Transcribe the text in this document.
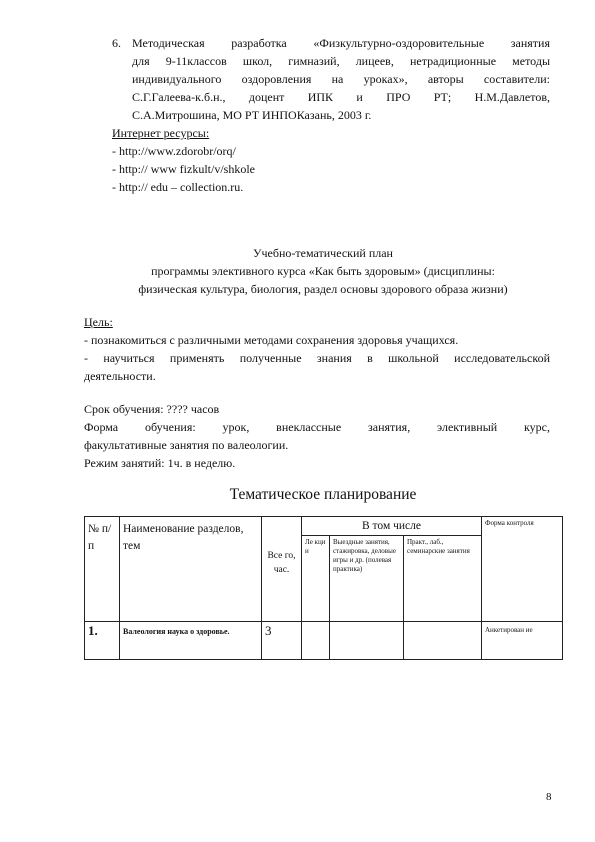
6. Методическая разработка «Физкультурно-оздоровительные занятия
для 9-11классов школ, гимназий, лицеев, нетрадиционные методы
индивидуального оздоровления на уроках», авторы составители:
С.Г.Галеева-к.б.н., доцент ИПК и ПРО РТ; Н.М.Давлетов,
С.А.Митрошина, МО РТ ИНПОКазань, 2003 г.
Интернет ресурсы:
- http://www.zdorobr/orq/
- http:// www fizkult/v/shkole
- http:// edu – collection.ru.
Учебно-тематический план
программы элективного курса «Как быть здоровым» (дисциплины:
физическая культура, биология, раздел основы здорового образа жизни)
Цель:
- познакомиться с различными методами сохранения здоровья учащихся.
- научиться применять полученные знания в школьной исследовательской
деятельности.
Срок обучения: ???? часов
Форма обучения: урок, внеклассные занятия, элективный курс,
факультативные занятия по валеологии.
Режим занятий: 1ч. в неделю.
Тематическое планирование
№ п/п	Наименование разделов, тем	Все го, час.	В том числе			Форма контроля
			Ле кци и	Выездные занятия, стажировка, деловые игры и др. (полевая практика)	Практ., лаб., семинарские занятия	
1.	Валеология наука о здоровье.	3				Анкетирован ие
8
